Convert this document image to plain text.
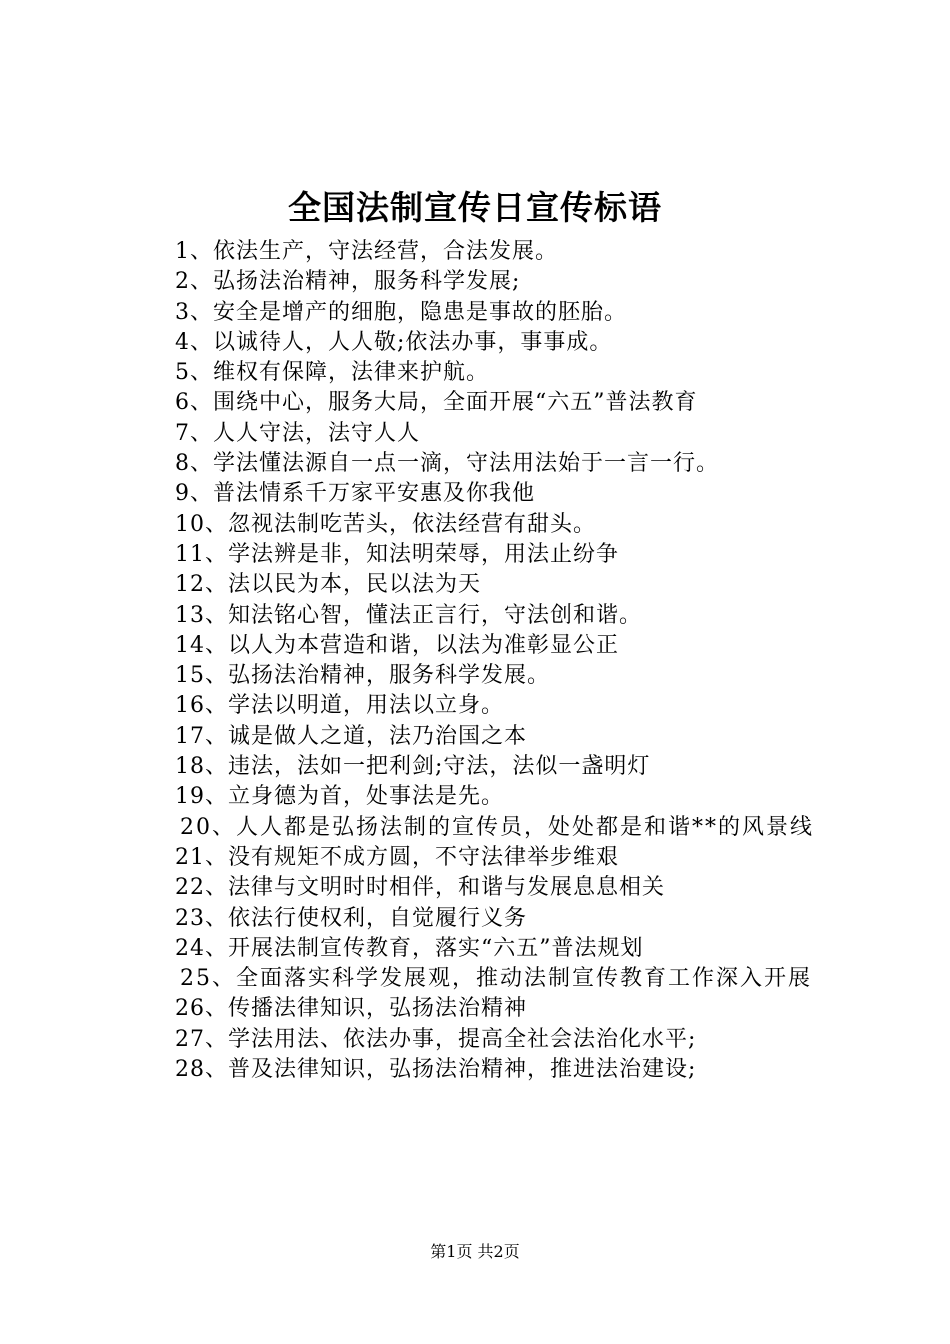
全国法制宣传日宣传标语
1、依法生产，守法经营，合法发展。
2、弘扬法治精神，服务科学发展;
3、安全是增产的细胞，隐患是事故的胚胎。
4、以诚待人，人人敬;依法办事，事事成。
5、维权有保障，法律来护航。
6、围绕中心，服务大局，全面开展“六五”普法教育
7、人人守法，法守人人
8、学法懂法源自一点一滴，守法用法始于一言一行。
9、普法情系千万家平安惠及你我他
10、忽视法制吃苦头，依法经营有甜头。
11、学法辨是非，知法明荣辱，用法止纷争
12、法以民为本，民以法为天
13、知法铭心智，懂法正言行，守法创和谐。
14、以人为本营造和谐，以法为准彰显公正
15、弘扬法治精神，服务科学发展。
16、学法以明道，用法以立身。
17、诚是做人之道，法乃治国之本
18、违法，法如一把利剑;守法，法似一盏明灯
19、立身德为首，处事法是先。
20、人人都是弘扬法制的宣传员，处处都是和谐**的风景线
21、没有规矩不成方圆，不守法律举步维艰
22、法律与文明时时相伴，和谐与发展息息相关
23、依法行使权利，自觉履行义务
24、开展法制宣传教育，落实“六五”普法规划
25、全面落实科学发展观，推动法制宣传教育工作深入开展
26、传播法律知识，弘扬法治精神
27、学法用法、依法办事，提高全社会法治化水平;
28、普及法律知识，弘扬法治精神，推进法治建设;
第1页 共2页
